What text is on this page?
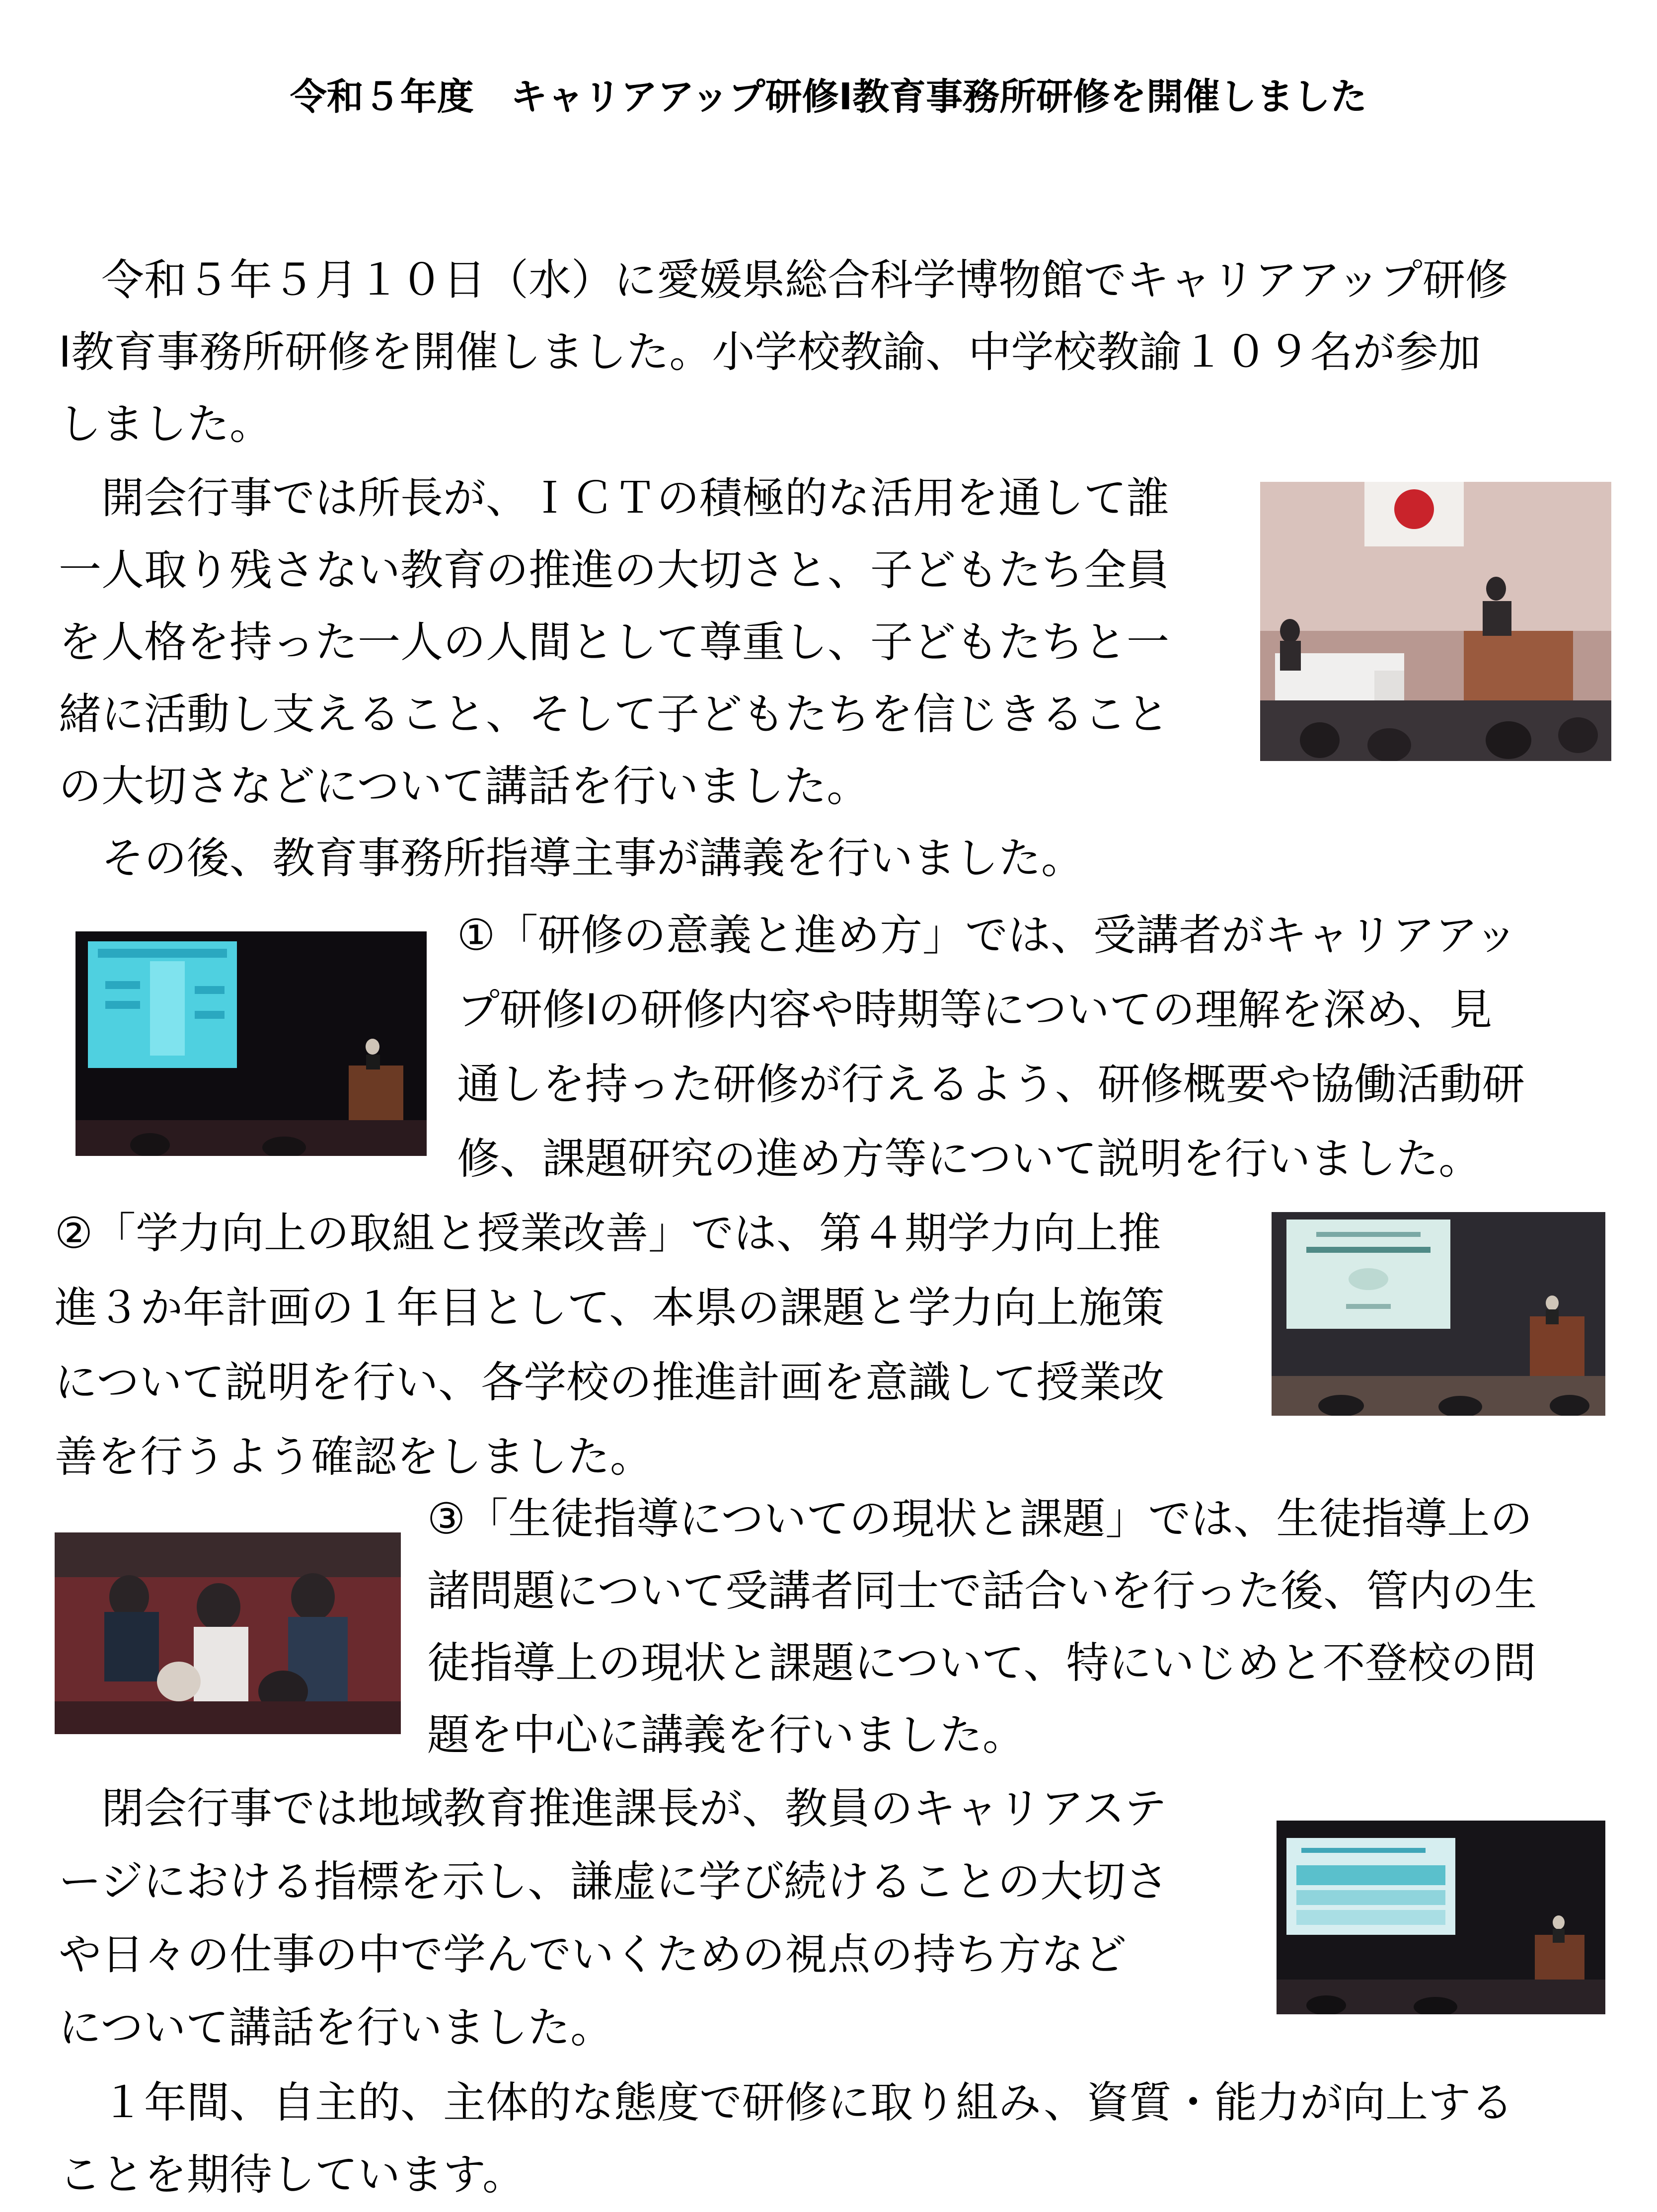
令和５年度　キャリアアップ研修Ⅰ教育事務所研修を開催しました
　令和５年５月１０日（水）に愛媛県総合科学博物館でキャリアアップ研修
Ⅰ教育事務所研修を開催しました。小学校教諭、中学校教諭１０９名が参加
しました。
　開会行事では所長が、ＩＣＴの積極的な活用を通して誰
一人取り残さない教育の推進の大切さと、子どもたち全員
を人格を持った一人の人間として尊重し、子どもたちと一
緒に活動し支えること、そして子どもたちを信じきること
の大切さなどについて講話を行いました。
　その後、教育事務所指導主事が講義を行いました。
①「研修の意義と進め方」では、受講者がキャリアアッ
プ研修Ⅰの研修内容や時期等についての理解を深め、見
通しを持った研修が行えるよう、研修概要や協働活動研
修、課題研究の進め方等について説明を行いました。
②「学力向上の取組と授業改善」では、第４期学力向上推
進３か年計画の１年目として、本県の課題と学力向上施策
について説明を行い、各学校の推進計画を意識して授業改
善を行うよう確認をしました。
③「生徒指導についての現状と課題」では、生徒指導上の
諸問題について受講者同士で話合いを行った後、管内の生
徒指導上の現状と課題について、特にいじめと不登校の問
題を中心に講義を行いました。
　閉会行事では地域教育推進課長が、教員のキャリアステ
ージにおける指標を示し、謙虚に学び続けることの大切さ
や日々の仕事の中で学んでいくための視点の持ち方など
について講話を行いました。
　１年間、自主的、主体的な態度で研修に取り組み、資質・能力が向上する
ことを期待しています。
